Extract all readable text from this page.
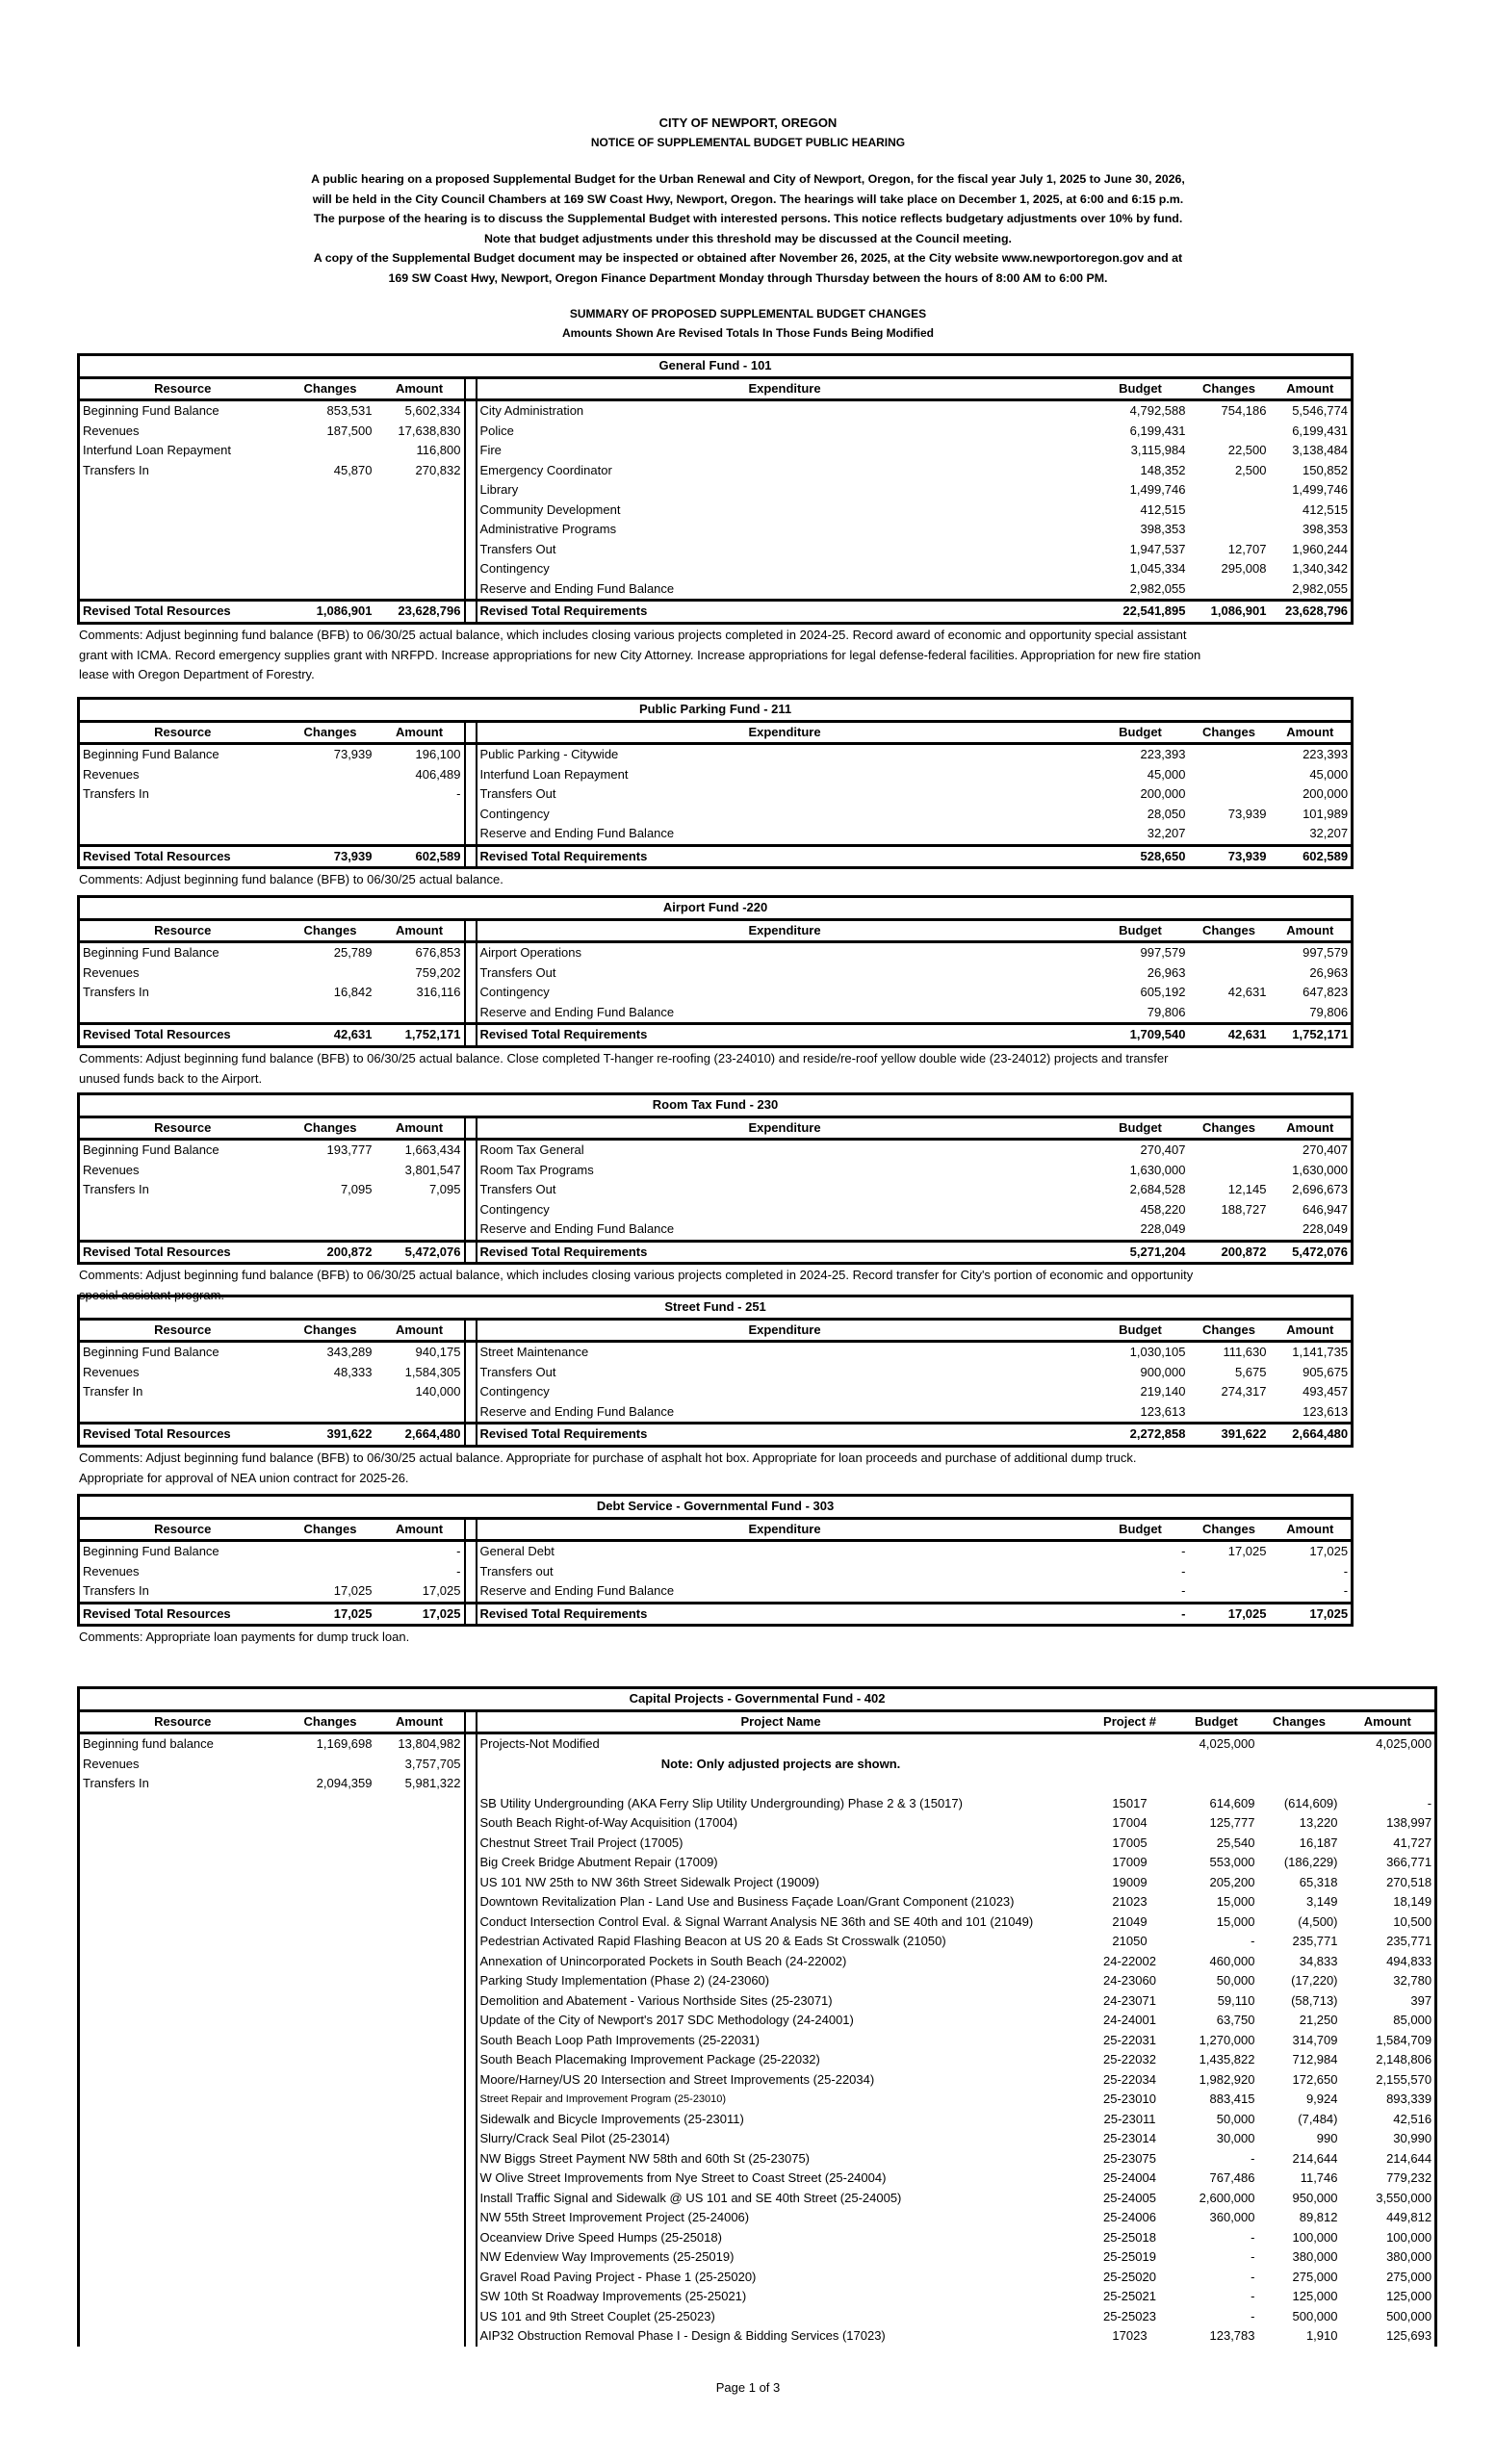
CITY OF NEWPORT, OREGON
NOTICE OF SUPPLEMENTAL BUDGET PUBLIC HEARING
A public hearing on a proposed Supplemental Budget for the Urban Renewal and City of Newport, Oregon, for the fiscal year July 1, 2025 to June 30, 2026,
will be held in the City Council Chambers at 169 SW Coast Hwy, Newport, Oregon. The hearings will take place on December 1, 2025, at 6:00 and 6:15 p.m.
The purpose of the hearing is to discuss the Supplemental Budget with interested persons. This notice reflects budgetary adjustments over 10% by fund.
Note that budget adjustments under this threshold may be discussed at the Council meeting.
A copy of the Supplemental Budget document may be inspected or obtained after November 26, 2025, at the City website www.newportoregon.gov and at
169 SW Coast Hwy, Newport, Oregon Finance Department Monday through Thursday between the hours of 8:00 AM to 6:00 PM.
SUMMARY OF PROPOSED SUPPLEMENTAL BUDGET CHANGES
Amounts Shown Are Revised Totals In Those Funds Being Modified
General Fund - 101							
Resource	Changes	Amount		Expenditure	Budget	Changes	Amount
Beginning Fund Balance	853,531	5,602,334		City Administration	4,792,588	754,186	5,546,774
Revenues	187,500	17,638,830		Police	6,199,431		6,199,431
Interfund Loan Repayment		116,800		Fire	3,115,984	22,500	3,138,484
Transfers In	45,870	270,832		Emergency Coordinator	148,352	2,500	150,852
				Library	1,499,746		1,499,746
				Community Development	412,515		412,515
				Administrative Programs	398,353		398,353
				Transfers Out	1,947,537	12,707	1,960,244
				Contingency	1,045,334	295,008	1,340,342
				Reserve and Ending Fund Balance	2,982,055		2,982,055
Revised Total Resources	1,086,901	23,628,796		Revised Total Requirements	22,541,895	1,086,901	23,628,796
Comments: Adjust beginning fund balance (BFB) to 06/30/25 actual balance, which includes closing various projects completed in 2024-25. Record award of economic and opportunity special assistant
grant with ICMA. Record emergency supplies grant with NRFPD. Increase appropriations for new City Attorney. Increase appropriations for legal defense-federal facilities. Appropriation for new fire station
lease with Oregon Department of Forestry.
Public Parking Fund - 211							
Resource	Changes	Amount		Expenditure	Budget	Changes	Amount
Beginning Fund Balance	73,939	196,100		Public Parking - Citywide	223,393		223,393
Revenues		406,489		Interfund Loan Repayment	45,000		45,000
Transfers In		-		Transfers Out	200,000		200,000
				Contingency	28,050	73,939	101,989
				Reserve and Ending Fund Balance	32,207		32,207
Revised Total Resources	73,939	602,589		Revised Total Requirements	528,650	73,939	602,589
Comments: Adjust beginning fund balance (BFB) to 06/30/25 actual balance.
Airport Fund -220							
Resource	Changes	Amount		Expenditure	Budget	Changes	Amount
Beginning Fund Balance	25,789	676,853		Airport Operations	997,579		997,579
Revenues		759,202		Transfers Out	26,963		26,963
Transfers In	16,842	316,116		Contingency	605,192	42,631	647,823
				Reserve and Ending Fund Balance	79,806		79,806
Revised Total Resources	42,631	1,752,171		Revised Total Requirements	1,709,540	42,631	1,752,171
Comments: Adjust beginning fund balance (BFB) to 06/30/25 actual balance. Close completed T-hanger re-roofing (23-24010) and reside/re-roof yellow double wide (23-24012) projects and transfer
unused funds back to the Airport.
Room Tax Fund - 230							
Resource	Changes	Amount		Expenditure	Budget	Changes	Amount
Beginning Fund Balance	193,777	1,663,434		Room Tax General	270,407		270,407
Revenues		3,801,547		Room Tax Programs	1,630,000		1,630,000
Transfers In	7,095	7,095		Transfers Out	2,684,528	12,145	2,696,673
				Contingency	458,220	188,727	646,947
				Reserve and Ending Fund Balance	228,049		228,049
Revised Total Resources	200,872	5,472,076		Revised Total Requirements	5,271,204	200,872	5,472,076
Comments: Adjust beginning fund balance (BFB) to 06/30/25 actual balance, which includes closing various projects completed in 2024-25. Record transfer for City's portion of economic and opportunity
special assistant program.
Street Fund - 251							
Resource	Changes	Amount		Expenditure	Budget	Changes	Amount
Beginning Fund Balance	343,289	940,175		Street Maintenance	1,030,105	111,630	1,141,735
Revenues	48,333	1,584,305		Transfers Out	900,000	5,675	905,675
Transfer In		140,000		Contingency	219,140	274,317	493,457
				Reserve and Ending Fund Balance	123,613		123,613
Revised Total Resources	391,622	2,664,480		Revised Total Requirements	2,272,858	391,622	2,664,480
Comments: Adjust beginning fund balance (BFB) to 06/30/25 actual balance. Appropriate for purchase of asphalt hot box. Appropriate for loan proceeds and purchase of additional dump truck.
Appropriate for approval of NEA union contract for 2025-26.
Debt Service - Governmental Fund - 303							
Resource	Changes	Amount		Expenditure	Budget	Changes	Amount
Beginning Fund Balance		-		General Debt	-	17,025	17,025
Revenues		-		Transfers out	-		-
Transfers In	17,025	17,025		Reserve and Ending Fund Balance	-		-
Revised Total Resources	17,025	17,025		Revised Total Requirements	-	17,025	17,025
Comments: Appropriate loan payments for dump truck loan.
Capital Projects - Governmental Fund - 402								
Resource	Changes	Amount		Project Name	Project #	Budget	Changes	Amount
Beginning fund balance	1,169,698	13,804,982		Projects-Not Modified		4,025,000		4,025,000
Revenues		3,757,705		Note: Only adjusted projects are shown.				
Transfers In	2,094,359	5,981,322						
				SB Utility Undergrounding (AKA Ferry Slip Utility Undergrounding) Phase 2 & 3 (15017)	15017	614,609	(614,609)	-
				South Beach Right-of-Way Acquisition (17004)	17004	125,777	13,220	138,997
				Chestnut Street Trail Project (17005)	17005	25,540	16,187	41,727
				Big Creek Bridge Abutment Repair (17009)	17009	553,000	(186,229)	366,771
				US 101 NW 25th to NW 36th Street Sidewalk Project (19009)	19009	205,200	65,318	270,518
				Downtown Revitalization Plan - Land Use and Business Façade Loan/Grant Component (21023)	21023	15,000	3,149	18,149
				Conduct Intersection Control Eval. & Signal Warrant Analysis NE 36th and SE 40th and 101 (21049)	21049	15,000	(4,500)	10,500
				Pedestrian Activated Rapid Flashing Beacon at US 20 & Eads St Crosswalk (21050)	21050	-	235,771	235,771
				Annexation of Unincorporated Pockets in South Beach (24-22002)	24-22002	460,000	34,833	494,833
				Parking Study Implementation (Phase 2) (24-23060)	24-23060	50,000	(17,220)	32,780
				Demolition and Abatement - Various Northside Sites (25-23071)	24-23071	59,110	(58,713)	397
				Update of the City of Newport's 2017 SDC Methodology (24-24001)	24-24001	63,750	21,250	85,000
				South Beach Loop Path Improvements (25-22031)	25-22031	1,270,000	314,709	1,584,709
				South Beach Placemaking Improvement Package (25-22032)	25-22032	1,435,822	712,984	2,148,806
				Moore/Harney/US 20 Intersection and Street Improvements (25-22034)	25-22034	1,982,920	172,650	2,155,570
				Street Repair and Improvement Program (25-23010)	25-23010	883,415	9,924	893,339
				Sidewalk and Bicycle Improvements (25-23011)	25-23011	50,000	(7,484)	42,516
				Slurry/Crack Seal Pilot (25-23014)	25-23014	30,000	990	30,990
				NW Biggs Street Payment NW 58th and 60th St (25-23075)	25-23075	-	214,644	214,644
				W Olive Street Improvements from Nye Street to Coast Street (25-24004)	25-24004	767,486	11,746	779,232
				Install Traffic Signal and Sidewalk @ US 101 and SE 40th Street (25-24005)	25-24005	2,600,000	950,000	3,550,000
				NW 55th Street Improvement Project (25-24006)	25-24006	360,000	89,812	449,812
				Oceanview Drive Speed Humps (25-25018)	25-25018	-	100,000	100,000
				NW Edenview Way Improvements (25-25019)	25-25019	-	380,000	380,000
				Gravel Road Paving Project - Phase 1 (25-25020)	25-25020	-	275,000	275,000
				SW 10th St Roadway Improvements (25-25021)	25-25021	-	125,000	125,000
				US 101 and 9th Street Couplet (25-25023)	25-25023	-	500,000	500,000
				AIP32 Obstruction Removal Phase I - Design & Bidding Services (17023)	17023	123,783	1,910	125,693
Page 1 of 3
